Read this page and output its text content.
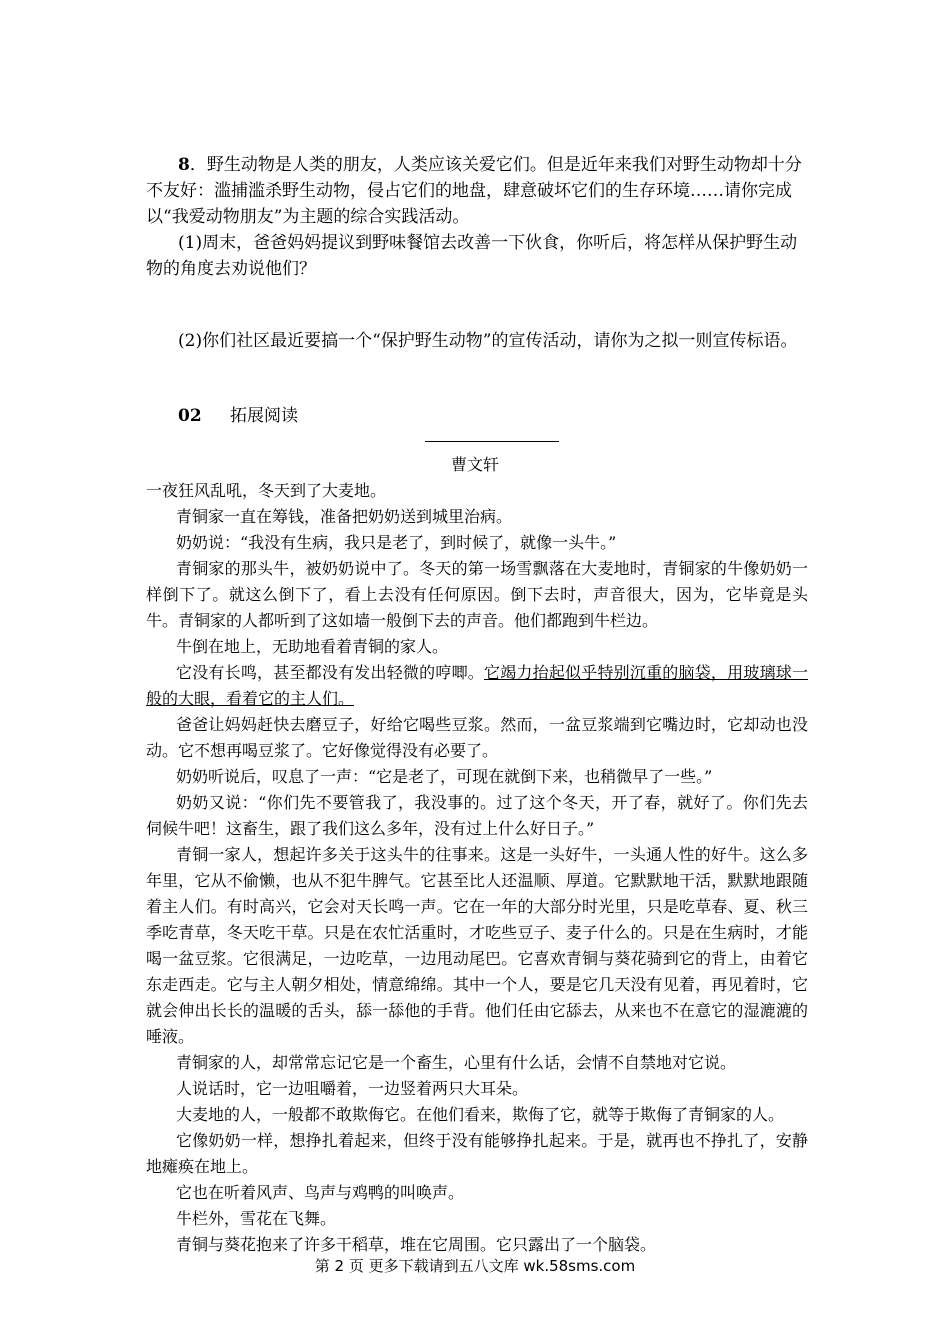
8．野生动物是人类的朋友，人类应该关爱它们。但是近年来我们对野生动物却十分不友好：滥捕滥杀野生动物，侵占它们的地盘，肆意破坏它们的生存环境……请你完成以“我爱动物朋友”为主题的综合实践活动。

(1)周末，爸爸妈妈提议到野味餐馆去改善一下伙食，你听后，将怎样从保护野生动物的角度去劝说他们？

(2)你们社区最近要搞一个“保护野生动物”的宣传活动，请你为之拟一则宣传标语。

02 拓展阅读
曹文轩

一夜狂风乱吼，冬天到了大麦地。

青铜家一直在筹钱，准备把奶奶送到城里治病。

奶奶说：“我没有生病，我只是老了，到时候了，就像一头牛。”

青铜家的那头牛，被奶奶说中了。冬天的第一场雪飘落在大麦地时，青铜家的牛像奶奶一样倒下了。就这么倒下了，看上去没有任何原因。倒下去时，声音很大，因为，它毕竟是头牛。青铜家的人都听到了这如墙一般倒下去的声音。他们都跑到牛栏边。

牛倒在地上，无助地看着青铜的家人。

它没有长鸣，甚至都没有发出轻微的哼唧。它竭力抬起似乎特别沉重的脑袋，用玻璃球一般的大眼，看着它的主人们。

爸爸让妈妈赶快去磨豆子，好给它喝些豆浆。然而，一盆豆浆端到它嘴边时，它却动也没动。它不想再喝豆浆了。它好像觉得没有必要了。

奶奶听说后，叹息了一声：“它是老了，可现在就倒下来，也稍微早了一些。”

奶奶又说：“你们先不要管我了，我没事的。过了这个冬天，开了春，就好了。你们先去伺候牛吧！这畜生，跟了我们这么多年，没有过上什么好日子。”

青铜一家人，想起许多关于这头牛的往事来。这是一头好牛，一头通人性的好牛。这么多年里，它从不偷懒，也从不犯牛脾气。它甚至比人还温顺、厚道。它默默地干活，默默地跟随着主人们。有时高兴，它会对天长鸣一声。它在一年的大部分时光里，只是吃草春、夏、秋三季吃青草，冬天吃干草。只是在农忙活重时，才吃些豆子、麦子什么的。只是在生病时，才能喝一盆豆浆。它很满足，一边吃草，一边甩动尾巴。它喜欢青铜与葵花骑到它的背上，由着它东走西走。它与主人朝夕相处，情意绵绵。其中一个人，要是它几天没有见着，再见着时，它就会伸出长长的温暖的舌头，舔一舔他的手背。他们任由它舔去，从来也不在意它的湿漉漉的唾液。

青铜家的人，却常常忘记它是一个畜生，心里有什么话，会情不自禁地对它说。

人说话时，它一边咀嚼着，一边竖着两只大耳朵。

大麦地的人，一般都不敢欺侮它。在他们看来，欺侮了它，就等于欺侮了青铜家的人。

它像奶奶一样，想挣扎着起来，但终于没有能够挣扎起来。于是，就再也不挣扎了，安静地瘫痪在地上。

它也在听着风声、鸟声与鸡鸭的叫唤声。

牛栏外，雪花在飞舞。

青铜与葵花抱来了许多干稻草，堆在它周围。它只露出了一个脑袋。

第 2 页 更多下载请到五八文库 wk.58sms.com
